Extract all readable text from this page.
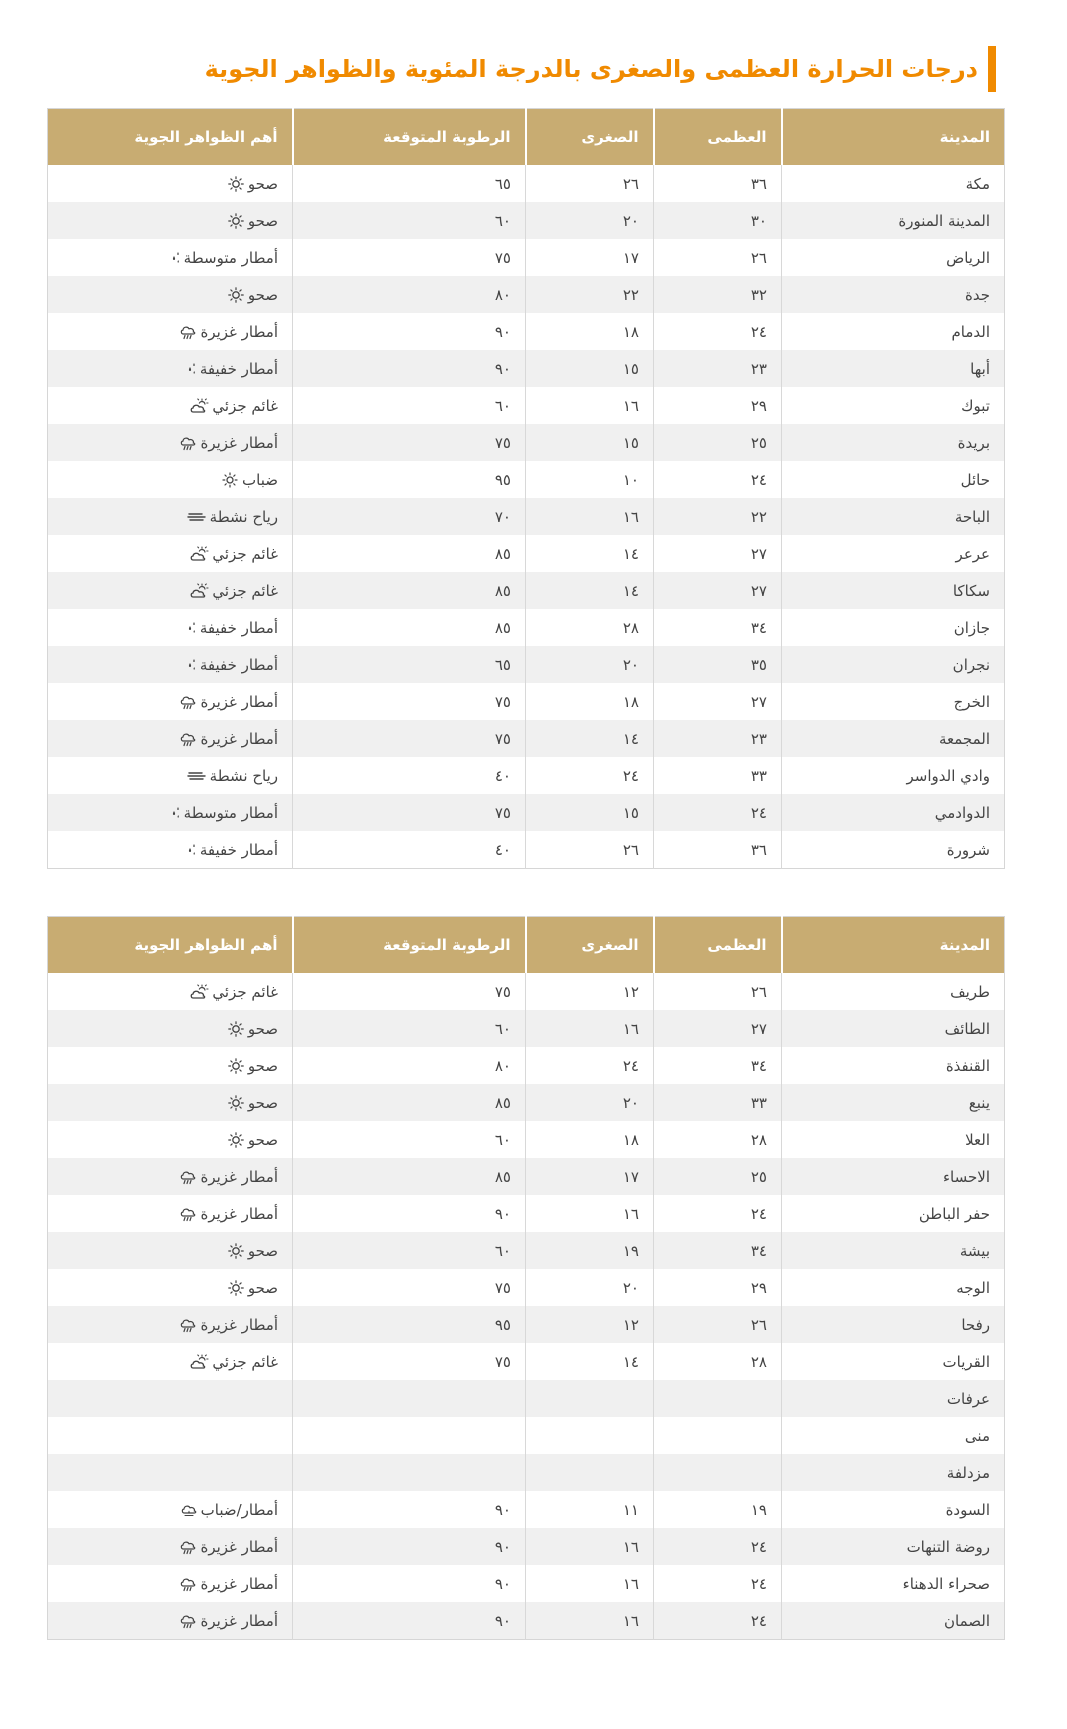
درجات الحرارة العظمى والصغرى بالدرجة المئوية والظواهر الجوية
المدينة	العظمى	الصغرى	الرطوبة المتوقعة	أهم الظواهر الجوية
مكة	٣٦	٢٦	٦٥	صحو

المدينة المنورة	٣٠	٢٠	٦٠	صحو

الرياض	٢٦	١٧	٧٥	أمطار متوسطة

جدة	٣٢	٢٢	٨٠	صحو

الدمام	٢٤	١٨	٩٠	أمطار غزيرة

أبها	٢٣	١٥	٩٠	أمطار خفيفة

تبوك	٢٩	١٦	٦٠	غائم جزئي

بريدة	٢٥	١٥	٧٥	أمطار غزيرة

حائل	٢٤	١٠	٩٥	ضباب

الباحة	٢٢	١٦	٧٠	رياح نشطة

عرعر	٢٧	١٤	٨٥	غائم جزئي

سكاكا	٢٧	١٤	٨٥	غائم جزئي

جازان	٣٤	٢٨	٨٥	أمطار خفيفة

نجران	٣٥	٢٠	٦٥	أمطار خفيفة

الخرج	٢٧	١٨	٧٥	أمطار غزيرة

المجمعة	٢٣	١٤	٧٥	أمطار غزيرة

وادي الدواسر	٣٣	٢٤	٤٠	رياح نشطة

الدوادمي	٢٤	١٥	٧٥	أمطار متوسطة

شرورة	٣٦	٢٦	٤٠	أمطار خفيفة
المدينة	العظمى	الصغرى	الرطوبة المتوقعة	أهم الظواهر الجوية
طريف	٢٦	١٢	٧٥	غائم جزئي

الطائف	٢٧	١٦	٦٠	صحو

القنفذة	٣٤	٢٤	٨٠	صحو

ينبع	٣٣	٢٠	٨٥	صحو

العلا	٢٨	١٨	٦٠	صحو

الاحساء	٢٥	١٧	٨٥	أمطار غزيرة

حفر الباطن	٢٤	١٦	٩٠	أمطار غزيرة

بيشة	٣٤	١٩	٦٠	صحو

الوجه	٢٩	٢٠	٧٥	صحو

رفحا	٢٦	١٢	٩٥	أمطار غزيرة

القريات	٢٨	١٤	٧٥	غائم جزئي

عرفات				
منى				
مزدلفة				
السودة	١٩	١١	٩٠	أمطار/ضباب

روضة التنهات	٢٤	١٦	٩٠	أمطار غزيرة

صحراء الدهناء	٢٤	١٦	٩٠	أمطار غزيرة

الصمان	٢٤	١٦	٩٠	أمطار غزيرة
